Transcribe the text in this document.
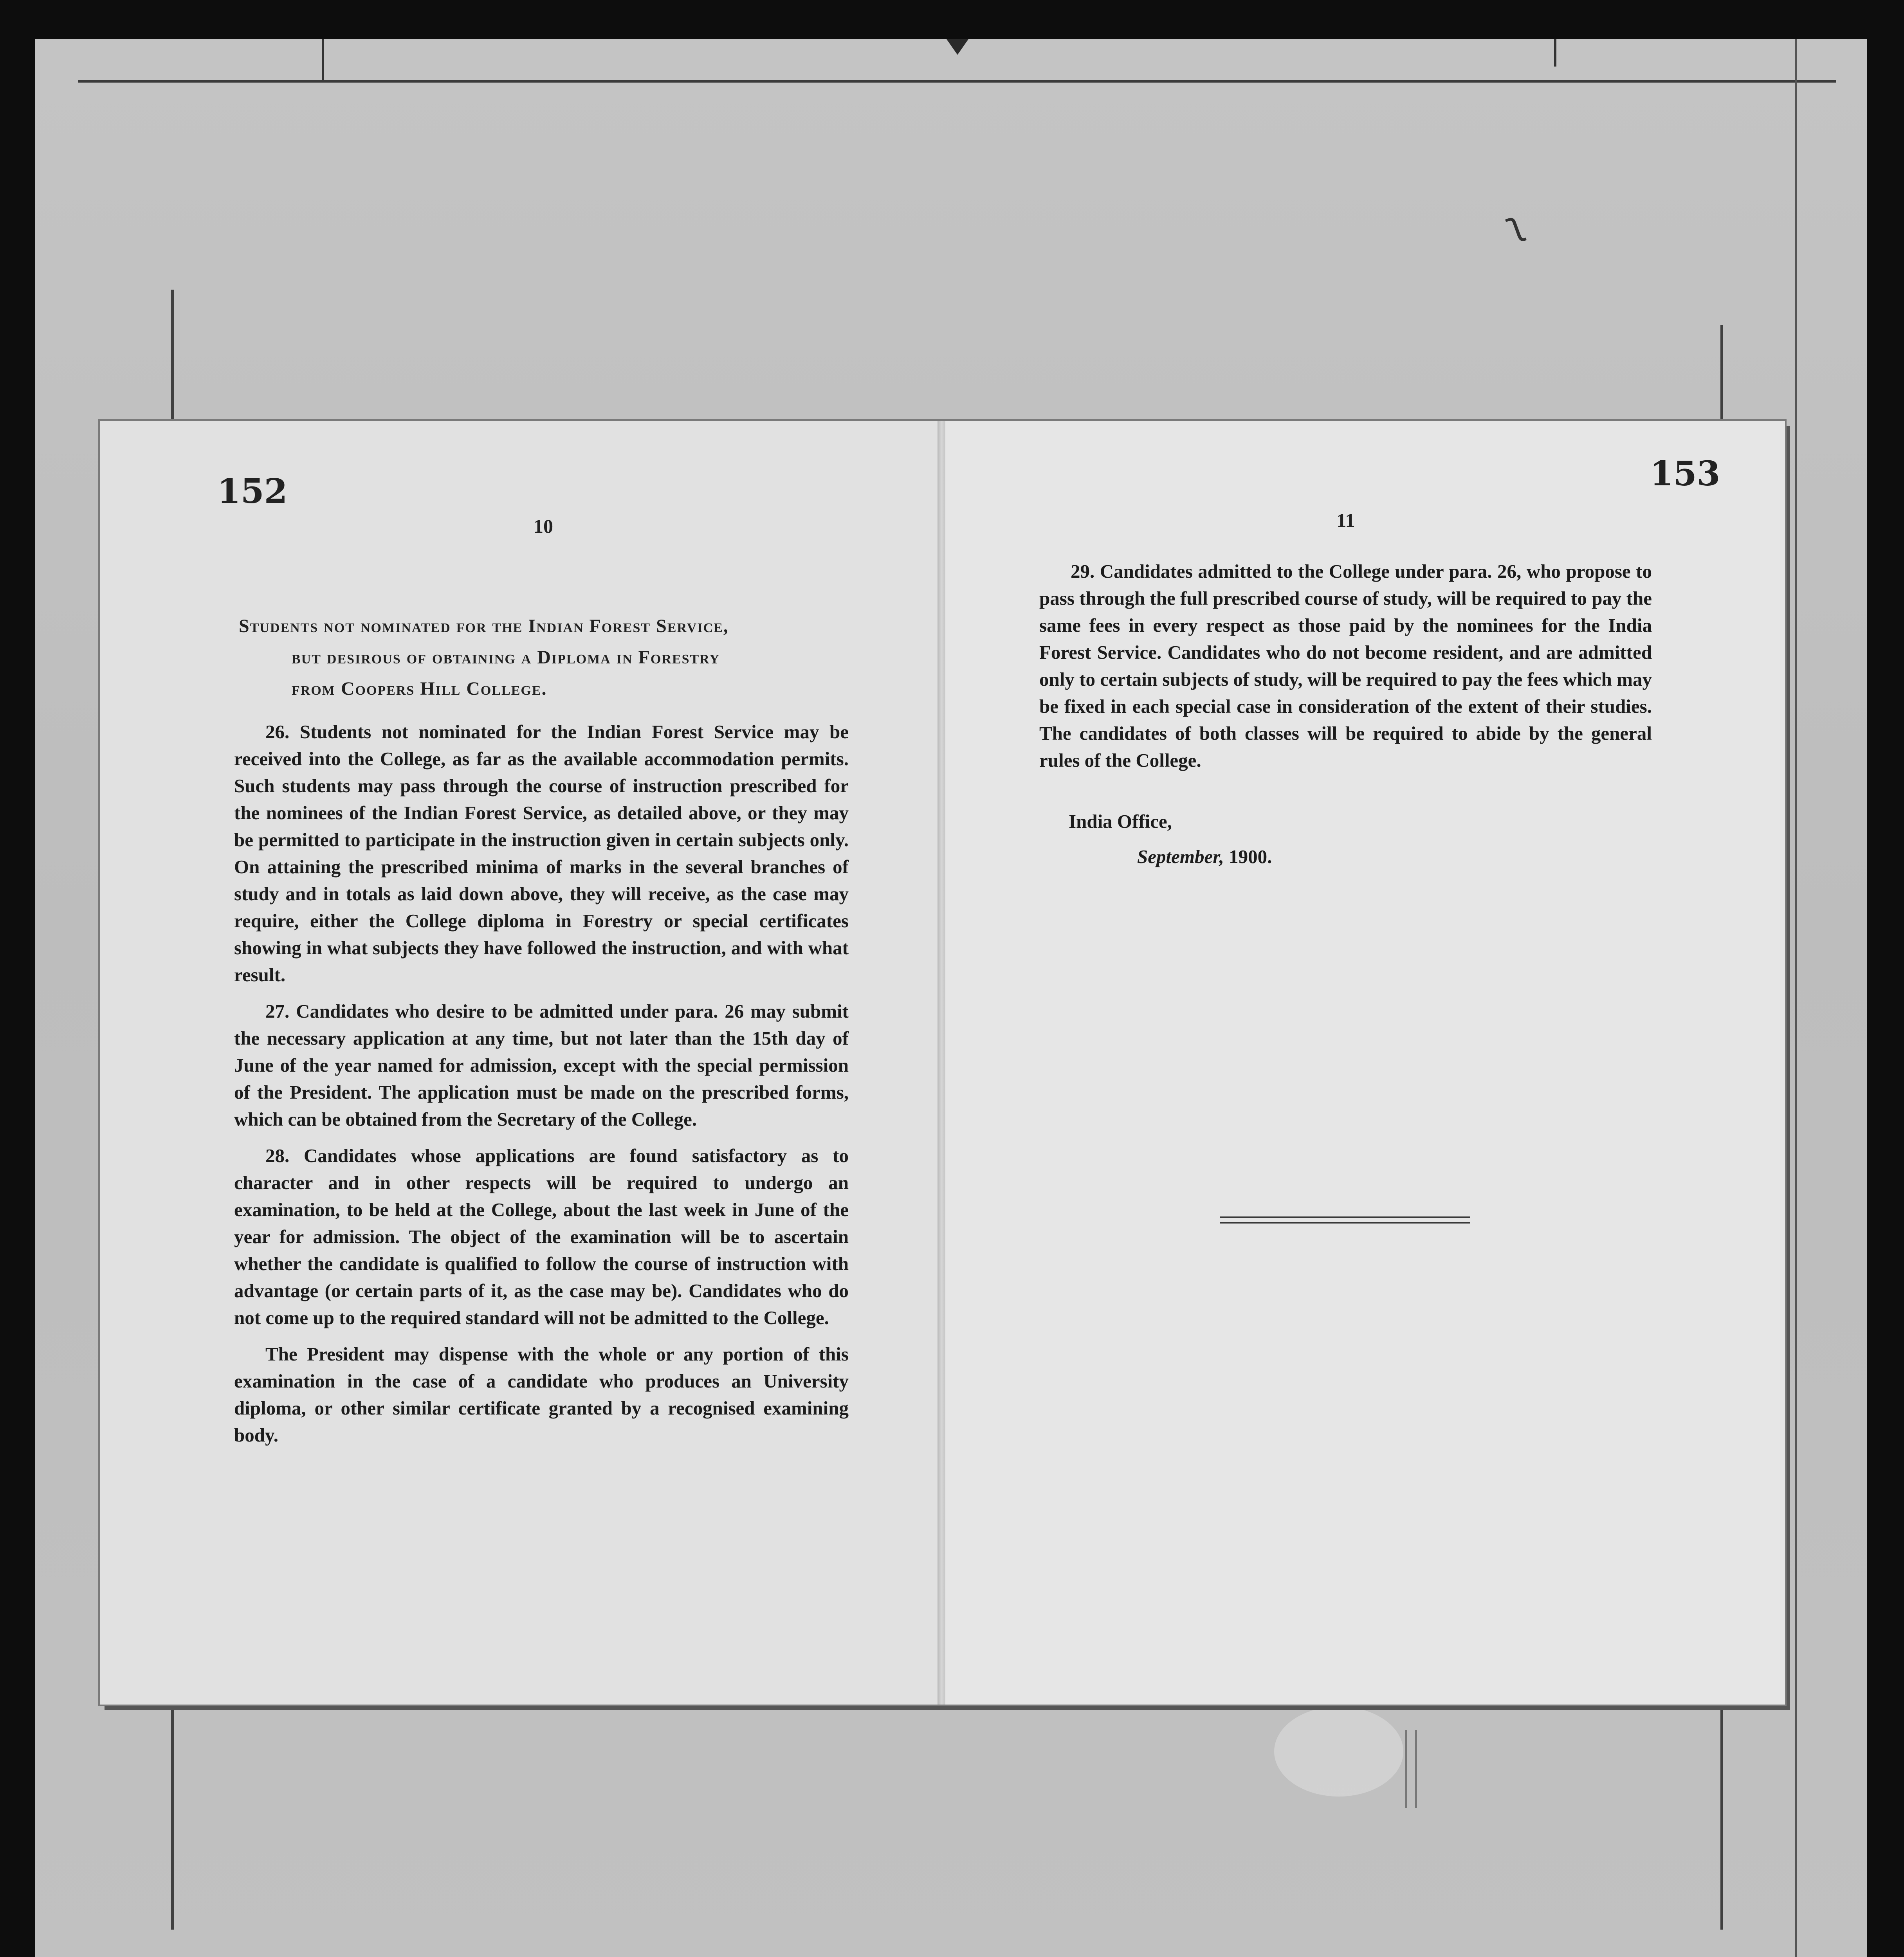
ʅ
152
10
Students not nominated for the Indian Forest Service,
but desirous of obtaining a Diploma in Forestry
from Coopers Hill College.

26. Students not nominated for the Indian Forest Service may be received into the College, as far as the available accommodation permits. Such students may pass through the course of instruction prescribed for the nominees of the Indian Forest Service, as detailed above, or they may be permitted to participate in the instruction given in certain subjects only. On attaining the prescribed minima of marks in the several branches of study and in totals as laid down above, they will receive, as the case may require, either the College diploma in Forestry or special certificates showing in what subjects they have followed the instruction, and with what result.

27. Candidates who desire to be admitted under para. 26 may submit the necessary application at any time, but not later than the 15th day of June of the year named for admission, except with the special permission of the President. The application must be made on the prescribed forms, which can be obtained from the Secretary of the College.

28. Candidates whose applications are found satisfactory as to character and in other respects will be required to undergo an examination, to be held at the College, about the last week in June of the year for admission. The object of the examination will be to ascertain whether the candidate is qualified to follow the course of instruction with advantage (or certain parts of it, as the case may be). Candidates who do not come up to the required standard will not be admitted to the College.

The President may dispense with the whole or any portion of this examination in the case of a candidate who produces an University diploma, or other similar certificate granted by a recognised examining body.

153
11

29. Candidates admitted to the College under para. 26, who propose to pass through the full prescribed course of study, will be required to pay the same fees in every respect as those paid by the nominees for the India Forest Service. Candidates who do not become resident, and are admitted only to certain subjects of study, will be required to pay the fees which may be fixed in each special case in consideration of the extent of their studies. The candidates of both classes will be required to abide by the general rules of the College.

India Office,
September, 1900.
